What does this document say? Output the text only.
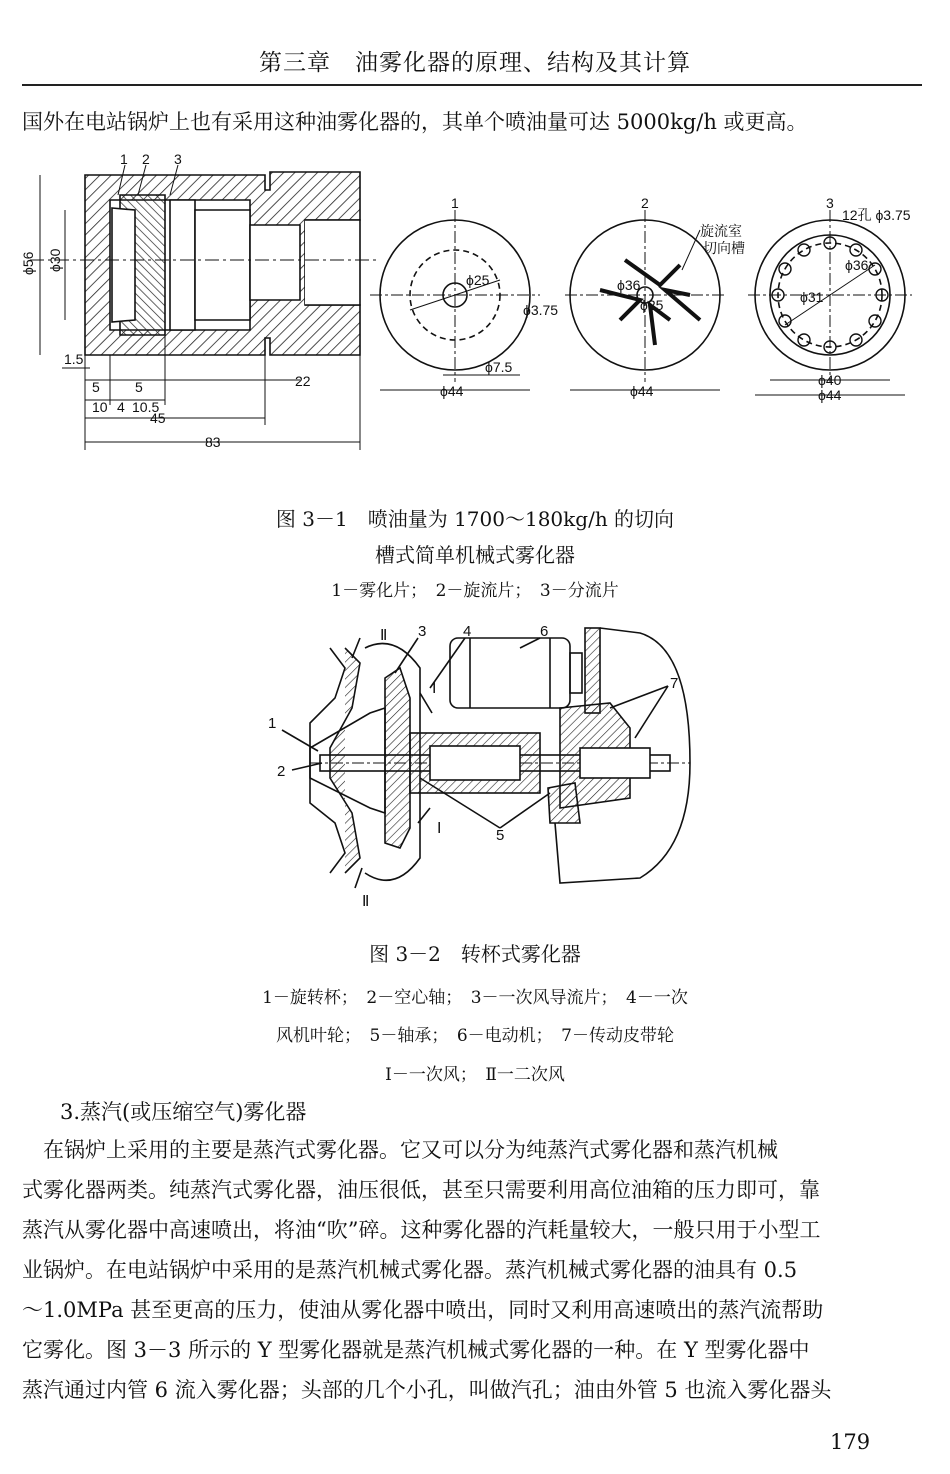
第三章　油雾化器的原理、结构及其计算
国外在电站锅炉上也有采用这种油雾化器的，其单个喷油量可达 5000kg/h 或更高。
1 2 3
ϕ56 ϕ30
1.5
5	5
10 4 10.5
45
83
22
1
ϕ25
ϕ7.5
ϕ44
ϕ3.75
2
旋流室
切向槽
ϕ36
ϕ25
ϕ44
3
12孔 ϕ3.75
ϕ36
ϕ31
ϕ40
ϕ44
图 3－1　喷油量为 1700～180kg/h 的切向
槽式简单机械式雾化器
1－雾化片；　2－旋流片；　3－分流片
1
2
3 4
5
6
7
Ⅰ
Ⅰ
Ⅱ
Ⅱ
图 3－2　转杯式雾化器
1－旋转杯；　2－空心轴；　3－一次风导流片；　4－一次
风机叶轮；　5－轴承；　6－电动机；　7－传动皮带轮
Ⅰ－一次风；　Ⅱ一二次风
3.蒸汽(或压缩空气)雾化器
　在锅炉上采用的主要是蒸汽式雾化器。它又可以分为纯蒸汽式雾化器和蒸汽机械
式雾化器两类。纯蒸汽式雾化器，油压很低，甚至只需要利用高位油箱的压力即可，靠
蒸汽从雾化器中高速喷出，将油“吹”碎。这种雾化器的汽耗量较大，一般只用于小型工
业锅炉。在电站锅炉中采用的是蒸汽机械式雾化器。蒸汽机械式雾化器的油具有 0.5
～1.0MPa 甚至更高的压力，使油从雾化器中喷出，同时又利用高速喷出的蒸汽流帮助
它雾化。图 3－3 所示的 Y 型雾化器就是蒸汽机械式雾化器的一种。在 Y 型雾化器中
蒸汽通过内管 6 流入雾化器；头部的几个小孔，叫做汽孔；油由外管 5 也流入雾化器头
179
